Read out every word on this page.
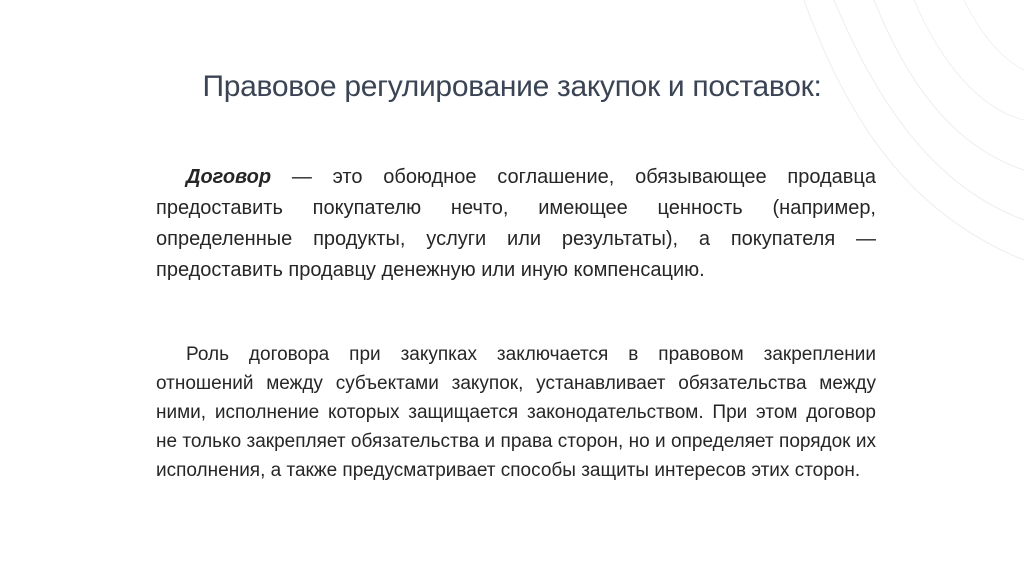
Правовое регулирование закупок и поставок:

Договор — это обоюдное соглашение, обязывающее продавца предоставить покупателю нечто, имеющее ценность (например, определенные продукты, услуги или результаты), а покупателя — предоставить продавцу денежную или иную компенсацию.

Роль договора при закупках заключается в правовом закреплении отношений между субъектами закупок, устанавливает обязательства между ними, исполнение которых защищается законодательством. При этом договор не только закрепляет обязательства и права сторон, но и определяет порядок их исполнения, а также предусматривает способы защиты интересов этих сторон.
